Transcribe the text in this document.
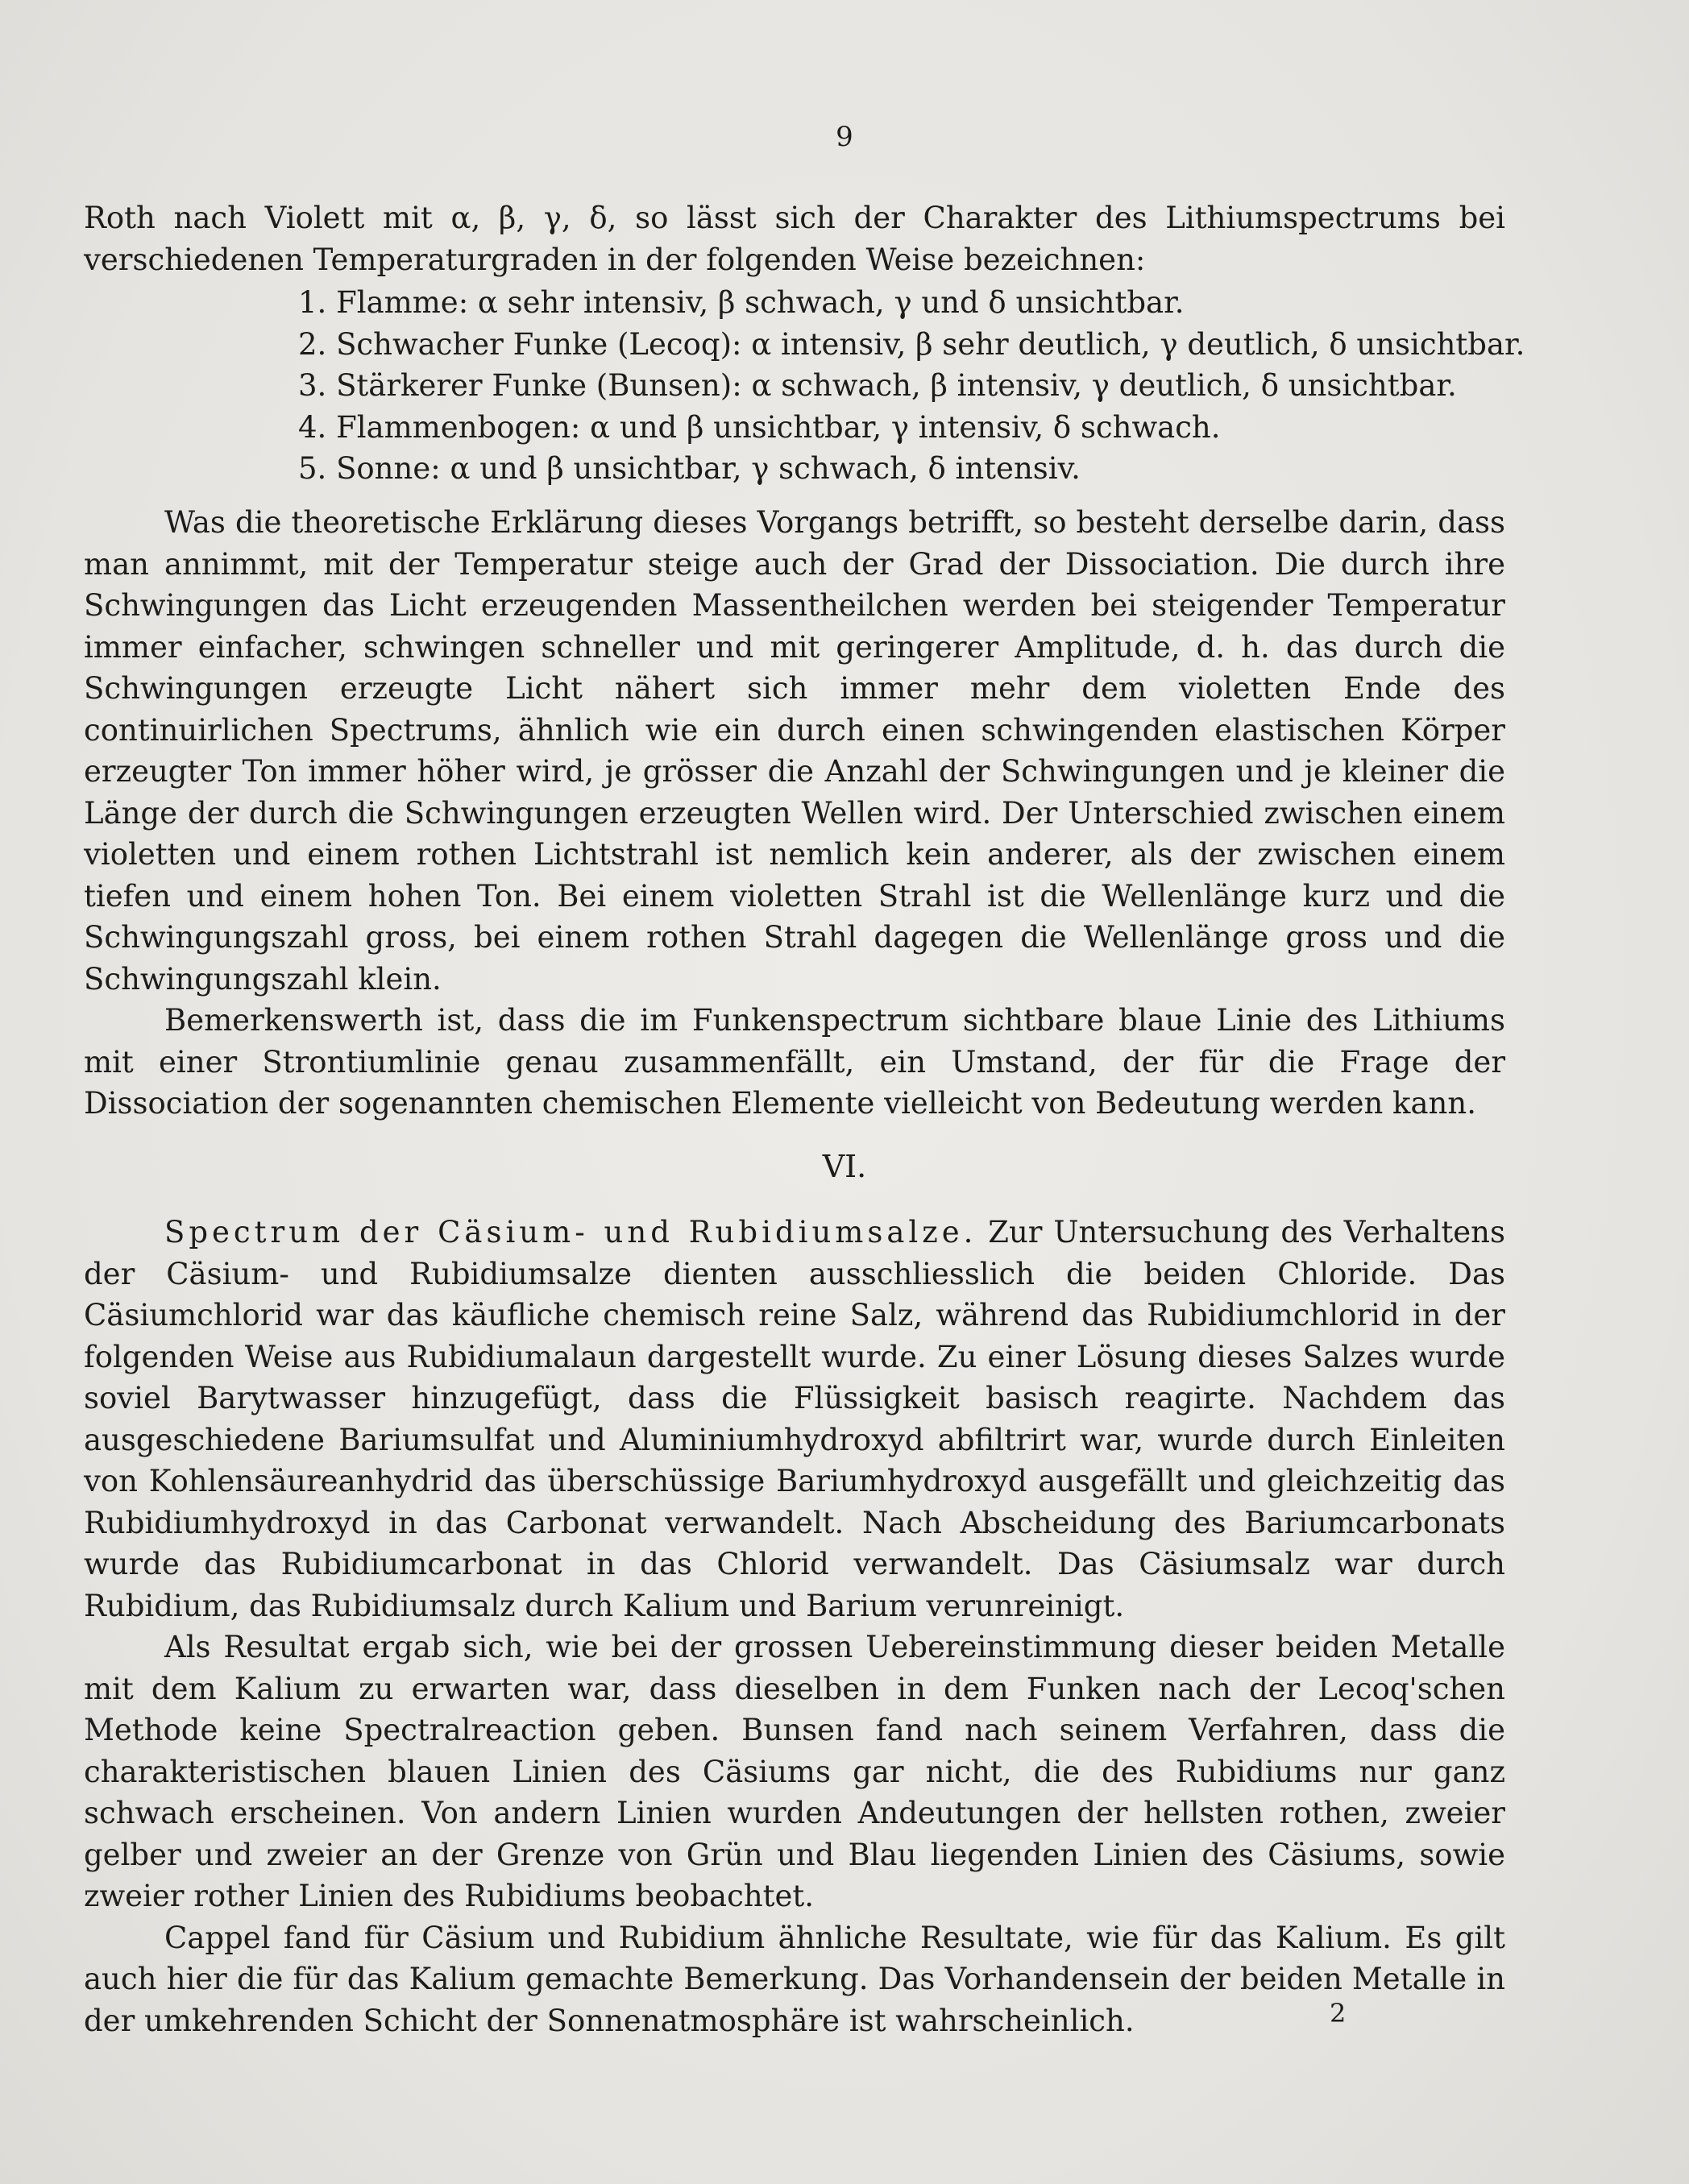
9

Roth nach Violett mit α, β, γ, δ, so lässt sich der Charakter des Lithiumspectrums bei verschiedenen Temperaturgraden in der folgenden Weise bezeichnen:

1. Flamme: α sehr intensiv, β schwach, γ und δ unsichtbar.
2. Schwacher Funke (Lecoq): α intensiv, β sehr deutlich, γ deutlich, δ unsichtbar.
3. Stärkerer Funke (Bunsen): α schwach, β intensiv, γ deutlich, δ unsichtbar.
4. Flammenbogen: α und β unsichtbar, γ intensiv, δ schwach.
5. Sonne: α und β unsichtbar, γ schwach, δ intensiv.

Was die theoretische Erklärung dieses Vorgangs betrifft, so besteht derselbe darin, dass man annimmt, mit der Temperatur steige auch der Grad der Dissociation. Die durch ihre Schwingungen das Licht erzeugenden Massentheilchen werden bei steigender Temperatur immer einfacher, schwingen schneller und mit geringerer Amplitude, d. h. das durch die Schwingungen erzeugte Licht nähert sich immer mehr dem violetten Ende des continuirlichen Spectrums, ähnlich wie ein durch einen schwingenden elastischen Körper erzeugter Ton immer höher wird, je grösser die Anzahl der Schwingungen und je kleiner die Länge der durch die Schwingungen erzeugten Wellen wird. Der Unterschied zwischen einem violetten und einem rothen Lichtstrahl ist nemlich kein anderer, als der zwischen einem tiefen und einem hohen Ton. Bei einem violetten Strahl ist die Wellenlänge kurz und die Schwingungszahl gross, bei einem rothen Strahl dagegen die Wellenlänge gross und die Schwingungszahl klein.

Bemerkenswerth ist, dass die im Funkenspectrum sichtbare blaue Linie des Lithiums mit einer Strontiumlinie genau zusammenfällt, ein Umstand, der für die Frage der Dissociation der sogenannten chemischen Elemente vielleicht von Bedeutung werden kann.

VI.

Spectrum der Cäsium- und Rubidiumsalze. Zur Untersuchung des Verhaltens der Cäsium- und Rubidiumsalze dienten ausschliesslich die beiden Chloride. Das Cäsiumchlorid war das käufliche chemisch reine Salz, während das Rubidiumchlorid in der folgenden Weise aus Rubidiumalaun dargestellt wurde. Zu einer Lösung dieses Salzes wurde soviel Barytwasser hinzugefügt, dass die Flüssigkeit basisch reagirte. Nachdem das ausgeschiedene Bariumsulfat und Aluminiumhydroxyd abfiltrirt war, wurde durch Einleiten von Kohlensäureanhydrid das überschüssige Bariumhydroxyd ausgefällt und gleichzeitig das Rubidiumhydroxyd in das Carbonat verwandelt. Nach Abscheidung des Bariumcarbonats wurde das Rubidiumcarbonat in das Chlorid verwandelt. Das Cäsiumsalz war durch Rubidium, das Rubidiumsalz durch Kalium und Barium verunreinigt.

Als Resultat ergab sich, wie bei der grossen Uebereinstimmung dieser beiden Metalle mit dem Kalium zu erwarten war, dass dieselben in dem Funken nach der Lecoq'schen Methode keine Spectralreaction geben. Bunsen fand nach seinem Verfahren, dass die charakteristischen blauen Linien des Cäsiums gar nicht, die des Rubidiums nur ganz schwach erscheinen. Von andern Linien wurden Andeutungen der hellsten rothen, zweier gelber und zweier an der Grenze von Grün und Blau liegenden Linien des Cäsiums, sowie zweier rother Linien des Rubidiums beobachtet.

Cappel fand für Cäsium und Rubidium ähnliche Resultate, wie für das Kalium. Es gilt auch hier die für das Kalium gemachte Bemerkung. Das Vorhandensein der beiden Metalle in der umkehrenden Schicht der Sonnenatmosphäre ist wahrscheinlich.	2
